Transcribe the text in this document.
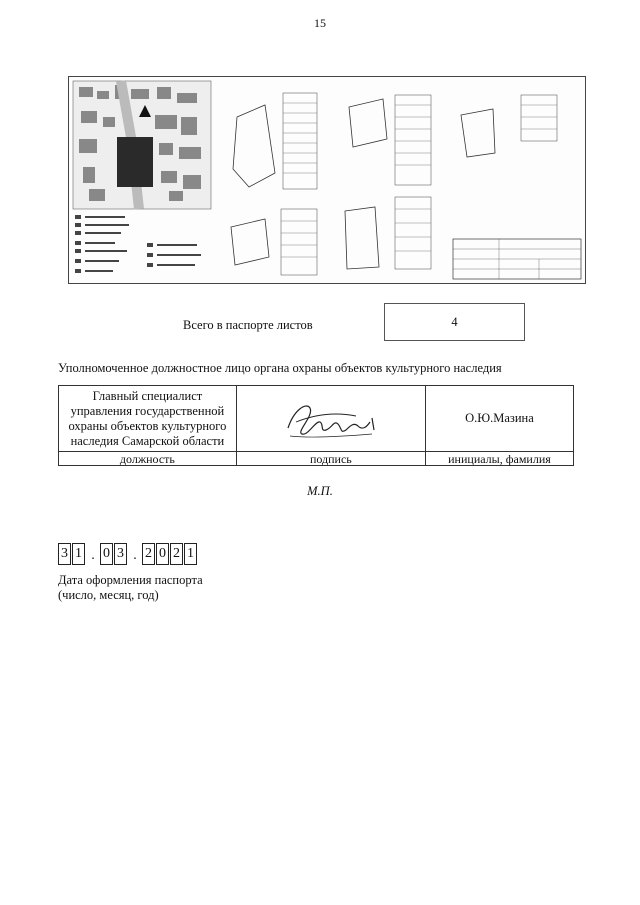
15
Всего в паспорте листов	4
Уполномоченное должностное лицо органа охраны объектов культурного наследия
Главный специалист
управления государственной
охраны объектов культурного
наследия Самарской области		О.Ю.Мазина
должность	подпись	инициалы, фамилия
М.П.
3 1 . 0 3 . 2 0 2 1
Дата оформления паспорта
(число, месяц, год)
